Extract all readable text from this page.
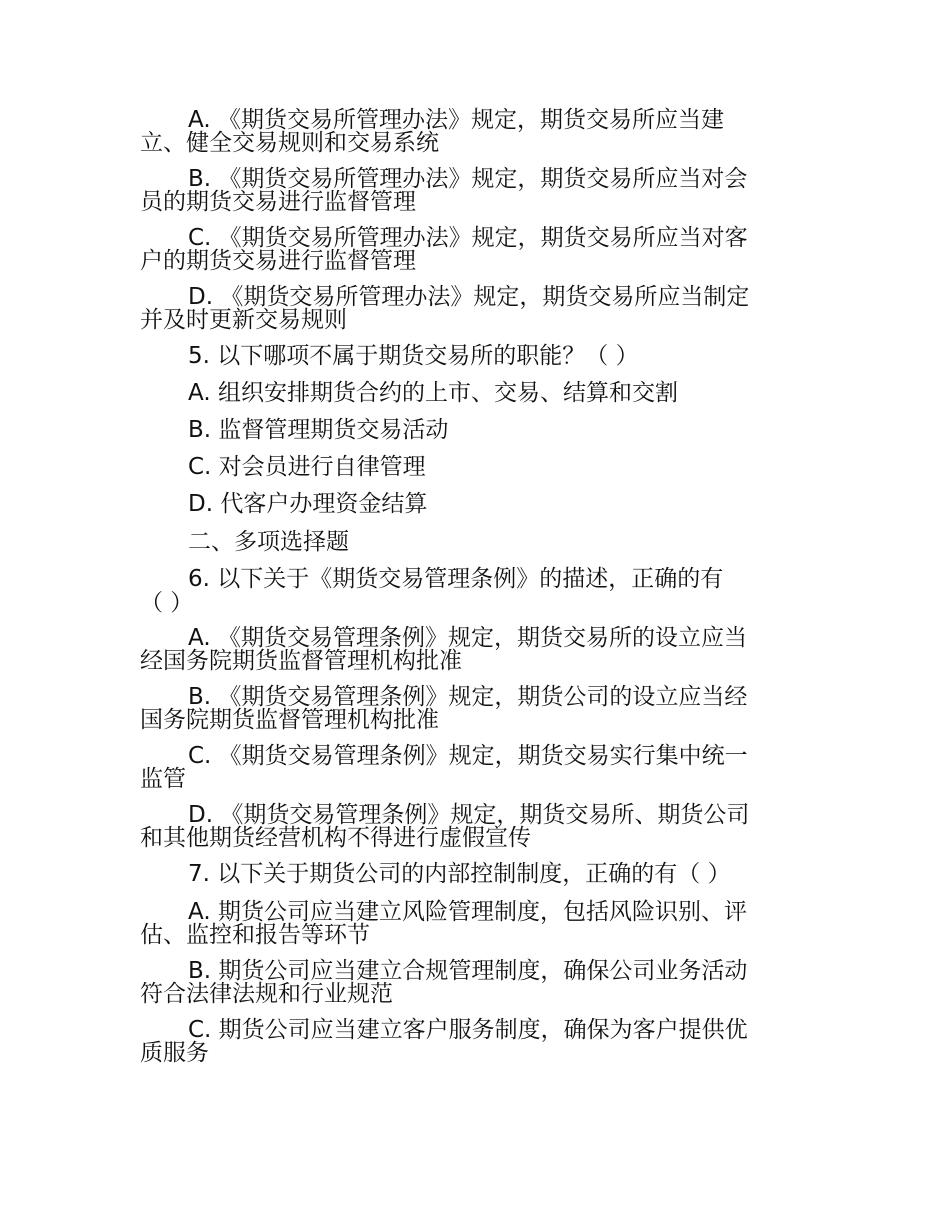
A. 《期货交易所管理办法》规定，期货交易所应当建
立、健全交易规则和交易系统
B. 《期货交易所管理办法》规定，期货交易所应当对会
员的期货交易进行监督管理
C. 《期货交易所管理办法》规定，期货交易所应当对客
户的期货交易进行监督管理
D. 《期货交易所管理办法》规定，期货交易所应当制定
并及时更新交易规则
5. 以下哪项不属于期货交易所的职能？（ ）
A. 组织安排期货合约的上市、交易、结算和交割
B. 监督管理期货交易活动
C. 对会员进行自律管理
D. 代客户办理资金结算
二、多项选择题
6. 以下关于《期货交易管理条例》的描述，正确的有
（ ）
A. 《期货交易管理条例》规定，期货交易所的设立应当
经国务院期货监督管理机构批准
B. 《期货交易管理条例》规定，期货公司的设立应当经
国务院期货监督管理机构批准
C. 《期货交易管理条例》规定，期货交易实行集中统一
监管
D. 《期货交易管理条例》规定，期货交易所、期货公司
和其他期货经营机构不得进行虚假宣传
7. 以下关于期货公司的内部控制制度，正确的有（ ）
A. 期货公司应当建立风险管理制度，包括风险识别、评
估、监控和报告等环节
B. 期货公司应当建立合规管理制度，确保公司业务活动
符合法律法规和行业规范
C. 期货公司应当建立客户服务制度，确保为客户提供优
质服务
